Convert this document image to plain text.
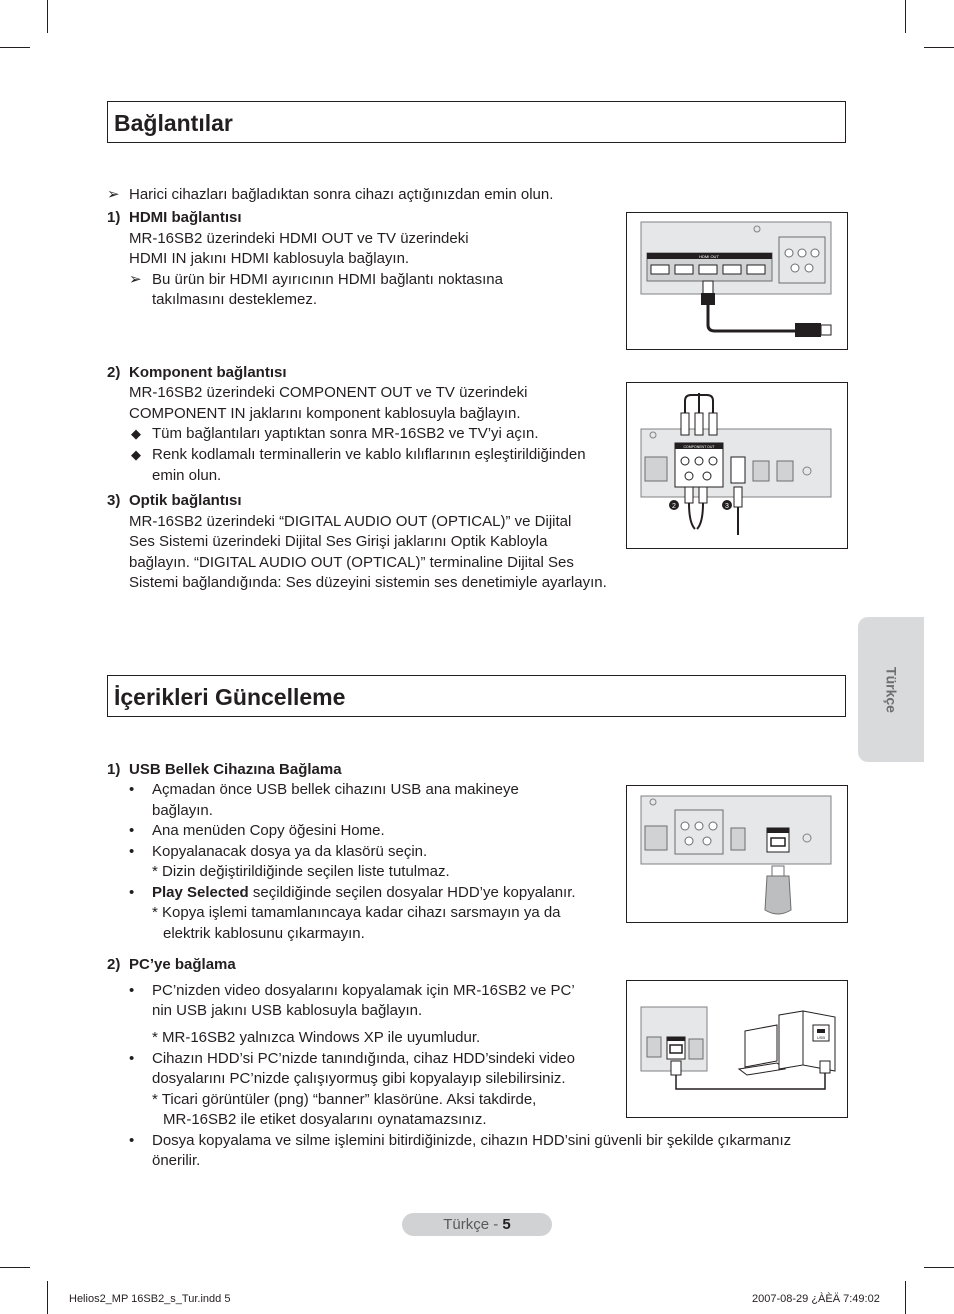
Bağlantılar
➢ Harici cihazları bağladıktan sonra cihazı açtığınızdan emin olun.
1) HDMI bağlantısı
MR-16SB2 üzerindeki HDMI OUT ve TV üzerindeki
HDMI IN jakını HDMI kablosuyla bağlayın.
➢ Bu ürün bir HDMI ayırıcının HDMI bağlantı noktasına
takılmasını desteklemez.
HDMI OUT
2) Komponent bağlantısı
MR-16SB2 üzerindeki COMPONENT OUT ve TV üzerindeki
COMPONENT IN jaklarını komponent kablosuyla bağlayın.
◆ Tüm bağlantıları yaptıktan sonra MR-16SB2 ve TV’yi açın.
◆ Renk kodlamalı terminallerin ve kablo kılıflarının eşleştirildiğinden
emin olun.
3) Optik bağlantısı
MR-16SB2 üzerindeki “DIGITAL AUDIO OUT (OPTICAL)” ve Dijital
Ses Sistemi üzerindeki Dijital Ses Girişi jaklarını Optik Kabloyla
bağlayın. “DIGITAL AUDIO OUT (OPTICAL)” terminaline Dijital Ses
Sistemi bağlandığında: Ses düzeyini sistemin ses denetimiyle ayarlayın.
COMPONENT OUT
2	3
İçerikleri Güncelleme
1) USB Bellek Cihazına Bağlama
• Açmadan önce USB bellek cihazını USB ana makineye
bağlayın.
• Ana menüden Copy öğesini Home.
• Kopyalanacak dosya ya da klasörü seçin.
* Dizin değiştirildiğinde seçilen liste tutulmaz.
• Play Selected seçildiğinde seçilen dosyalar HDD’ye kopyalanır.
* Kopya işlemi tamamlanıncaya kadar cihazı sarsmayın ya da
elektrik kablosunu çıkarmayın.
2) PC’ye bağlama
• PC’nizden video dosyalarını kopyalamak için MR-16SB2 ve PC’
nin USB jakını USB kablosuyla bağlayın.
* MR-16SB2 yalnızca Windows XP ile uyumludur.
• Cihazın HDD’si PC’nizde tanındığında, cihaz HDD’sindeki video
dosyalarını PC’nizde çalışıyormuş gibi kopyalayıp silebilirsiniz.
* Ticari görüntüler (png) “banner” klasörüne. Aksi takdirde,
MR-16SB2 ile etiket dosyalarını oynatamazsınız.
• Dosya kopyalama ve silme işlemini bitirdiğinizde, cihazın HDD’sini güvenli bir şekilde çıkarmanız
önerilir.
USB
Türkçe
Türkçe - 5
Helios2_MP 16SB2_s_Tur.indd 5	2007-08-29 ¿ÀÈÄ 7:49:02
